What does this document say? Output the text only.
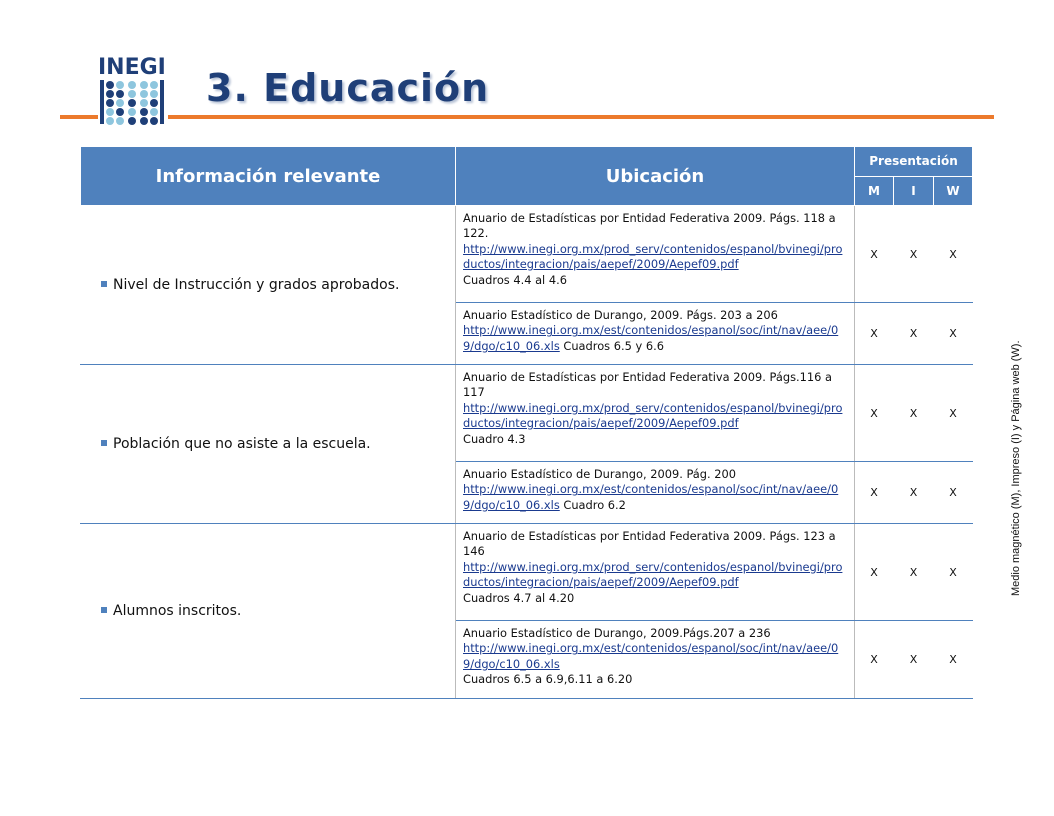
INEGI 3. Educación
Información relevante	Ubicación	Presentación		
		M	I	W
Nivel de Instrucción y grados aprobados.	Anuario de Estadísticas por Entidad Federativa 2009. Págs. 118 a 122.
http://www.inegi.org.mx/prod_serv/contenidos/espanol/bvinegi/productos/integracion/pais/aepef/2009/Aepef09.pdf
Cuadros 4.4 al 4.6	X	X	X
	Anuario Estadístico de Durango, 2009. Págs. 203 a 206
http://www.inegi.org.mx/est/contenidos/espanol/soc/int/nav/aee/09/dgo/c10_06.xls Cuadros 6.5 y 6.6	X	X	X
Población que no asiste a la escuela.	Anuario de Estadísticas por Entidad Federativa 2009. Págs.116 a 117
http://www.inegi.org.mx/prod_serv/contenidos/espanol/bvinegi/productos/integracion/pais/aepef/2009/Aepef09.pdf
Cuadro 4.3	X	X	X
	Anuario Estadístico de Durango, 2009. Pág. 200
http://www.inegi.org.mx/est/contenidos/espanol/soc/int/nav/aee/09/dgo/c10_06.xls Cuadro 6.2	X	X	X
Alumnos inscritos.	Anuario de Estadísticas por Entidad Federativa 2009. Págs. 123 a 146
http://www.inegi.org.mx/prod_serv/contenidos/espanol/bvinegi/productos/integracion/pais/aepef/2009/Aepef09.pdf
Cuadros 4.7 al 4.20	X	X	X
	Anuario Estadístico de Durango, 2009.Págs.207 a 236
http://www.inegi.org.mx/est/contenidos/espanol/soc/int/nav/aee/09/dgo/c10_06.xls
Cuadros 6.5 a 6.9,6.11 a 6.20	X	X	X
Medio magnético (M), Impreso (I) y Página web (W).
